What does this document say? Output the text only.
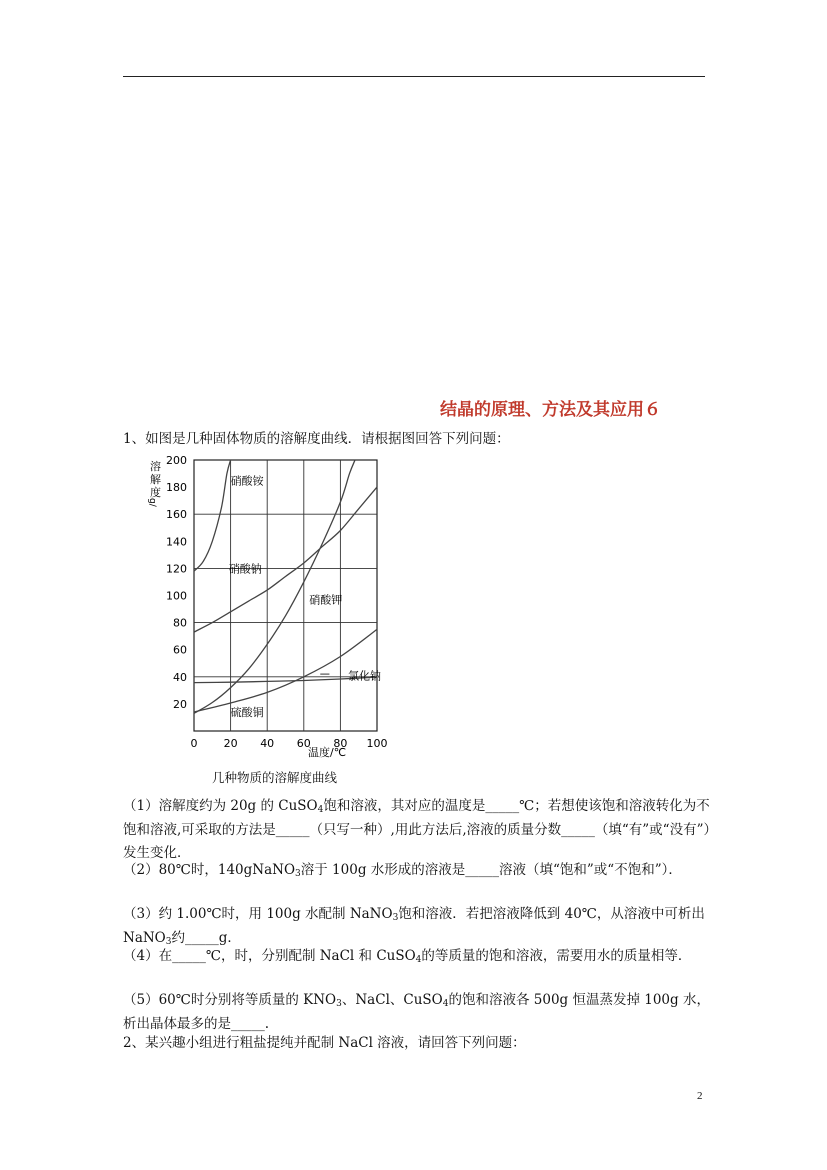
结晶的原理、方法及其应用６
1、如图是几种固体物质的溶解度曲线．请根据图回答下列问题：
0 20 40 60 80 100
20
40
60
80
100
120
140
160
180
200
硝酸铵
硝酸钠
硝酸钾
氯化钠
硫酸铜
溶
解
度
g/
温度/℃
几种物质的溶解度曲线
（1）溶解度约为 20g 的 CuSO$_4$饱和溶液，其对应的温度是_____℃；若想使该饱和溶液转化为不饱和溶液,可采取的方法是_____（只写一种）,用此方法后,溶液的质量分数_____（填“有”或“没有”）发生变化．
（2）80℃时，140gNaNO$_3$溶于 100g 水形成的溶液是_____溶液（填“饱和”或“不饱和”）．
（3）约 1.00℃时，用 100g 水配制 NaNO$_3$饱和溶液．若把溶液降低到 40℃，从溶液中可析出 NaNO$_3$约_____g．
（4）在_____℃，时，分别配制 NaCl 和 CuSO$_4$的等质量的饱和溶液，需要用水的质量相等．
（5）60℃时分别将等质量的 $KNO_3$、NaCl、CuSO$_4$的饱和溶液各 500g 恒温蒸发掉 100g 水，析出晶体最多的是_____.
2、某兴趣小组进行粗盐提纯并配制 NaCl 溶液，请回答下列问题：
2
